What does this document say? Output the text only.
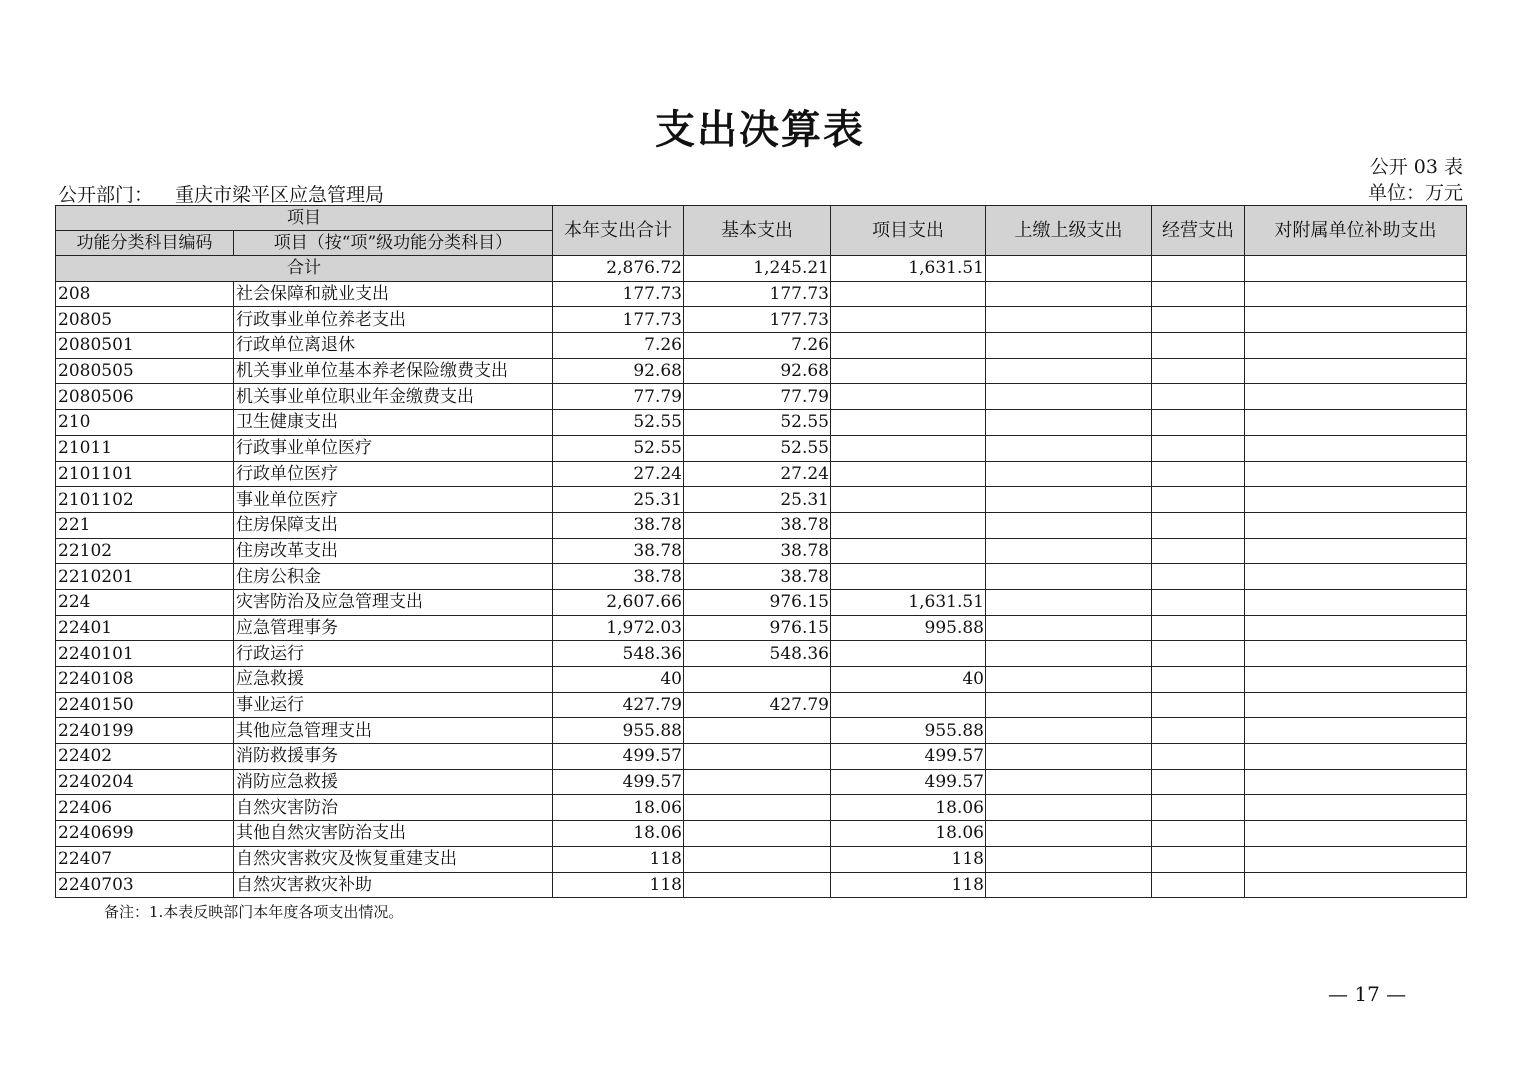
支出决算表
公开 03 表
单位：万元
公开部门： 重庆市梁平区应急管理局
项目		本年支出合计	基本支出	项目支出	上缴上级支出	经营支出	对附属单位补助支出
功能分类科目编码	项目（按“项”级功能分类科目）						
合计		2,876.72	1,245.21	1,631.51			
208	社会保障和就业支出	177.73	177.73				
20805	行政事业单位养老支出	177.73	177.73				
2080501	行政单位离退休	7.26	7.26				
2080505	机关事业单位基本养老保险缴费支出	92.68	92.68				
2080506	机关事业单位职业年金缴费支出	77.79	77.79				
210	卫生健康支出	52.55	52.55				
21011	行政事业单位医疗	52.55	52.55				
2101101	行政单位医疗	27.24	27.24				
2101102	事业单位医疗	25.31	25.31				
221	住房保障支出	38.78	38.78				
22102	住房改革支出	38.78	38.78				
2210201	住房公积金	38.78	38.78				
224	灾害防治及应急管理支出	2,607.66	976.15	1,631.51			
22401	应急管理事务	1,972.03	976.15	995.88			
2240101	行政运行	548.36	548.36				
2240108	应急救援	40		40			
2240150	事业运行	427.79	427.79				
2240199	其他应急管理支出	955.88		955.88			
22402	消防救援事务	499.57		499.57			
2240204	消防应急救援	499.57		499.57			
22406	自然灾害防治	18.06		18.06			
2240699	其他自然灾害防治支出	18.06		18.06			
22407	自然灾害救灾及恢复重建支出	118		118			
2240703	自然灾害救灾补助	118		118			
备注：1.本表反映部门本年度各项支出情况。
— 17 —
